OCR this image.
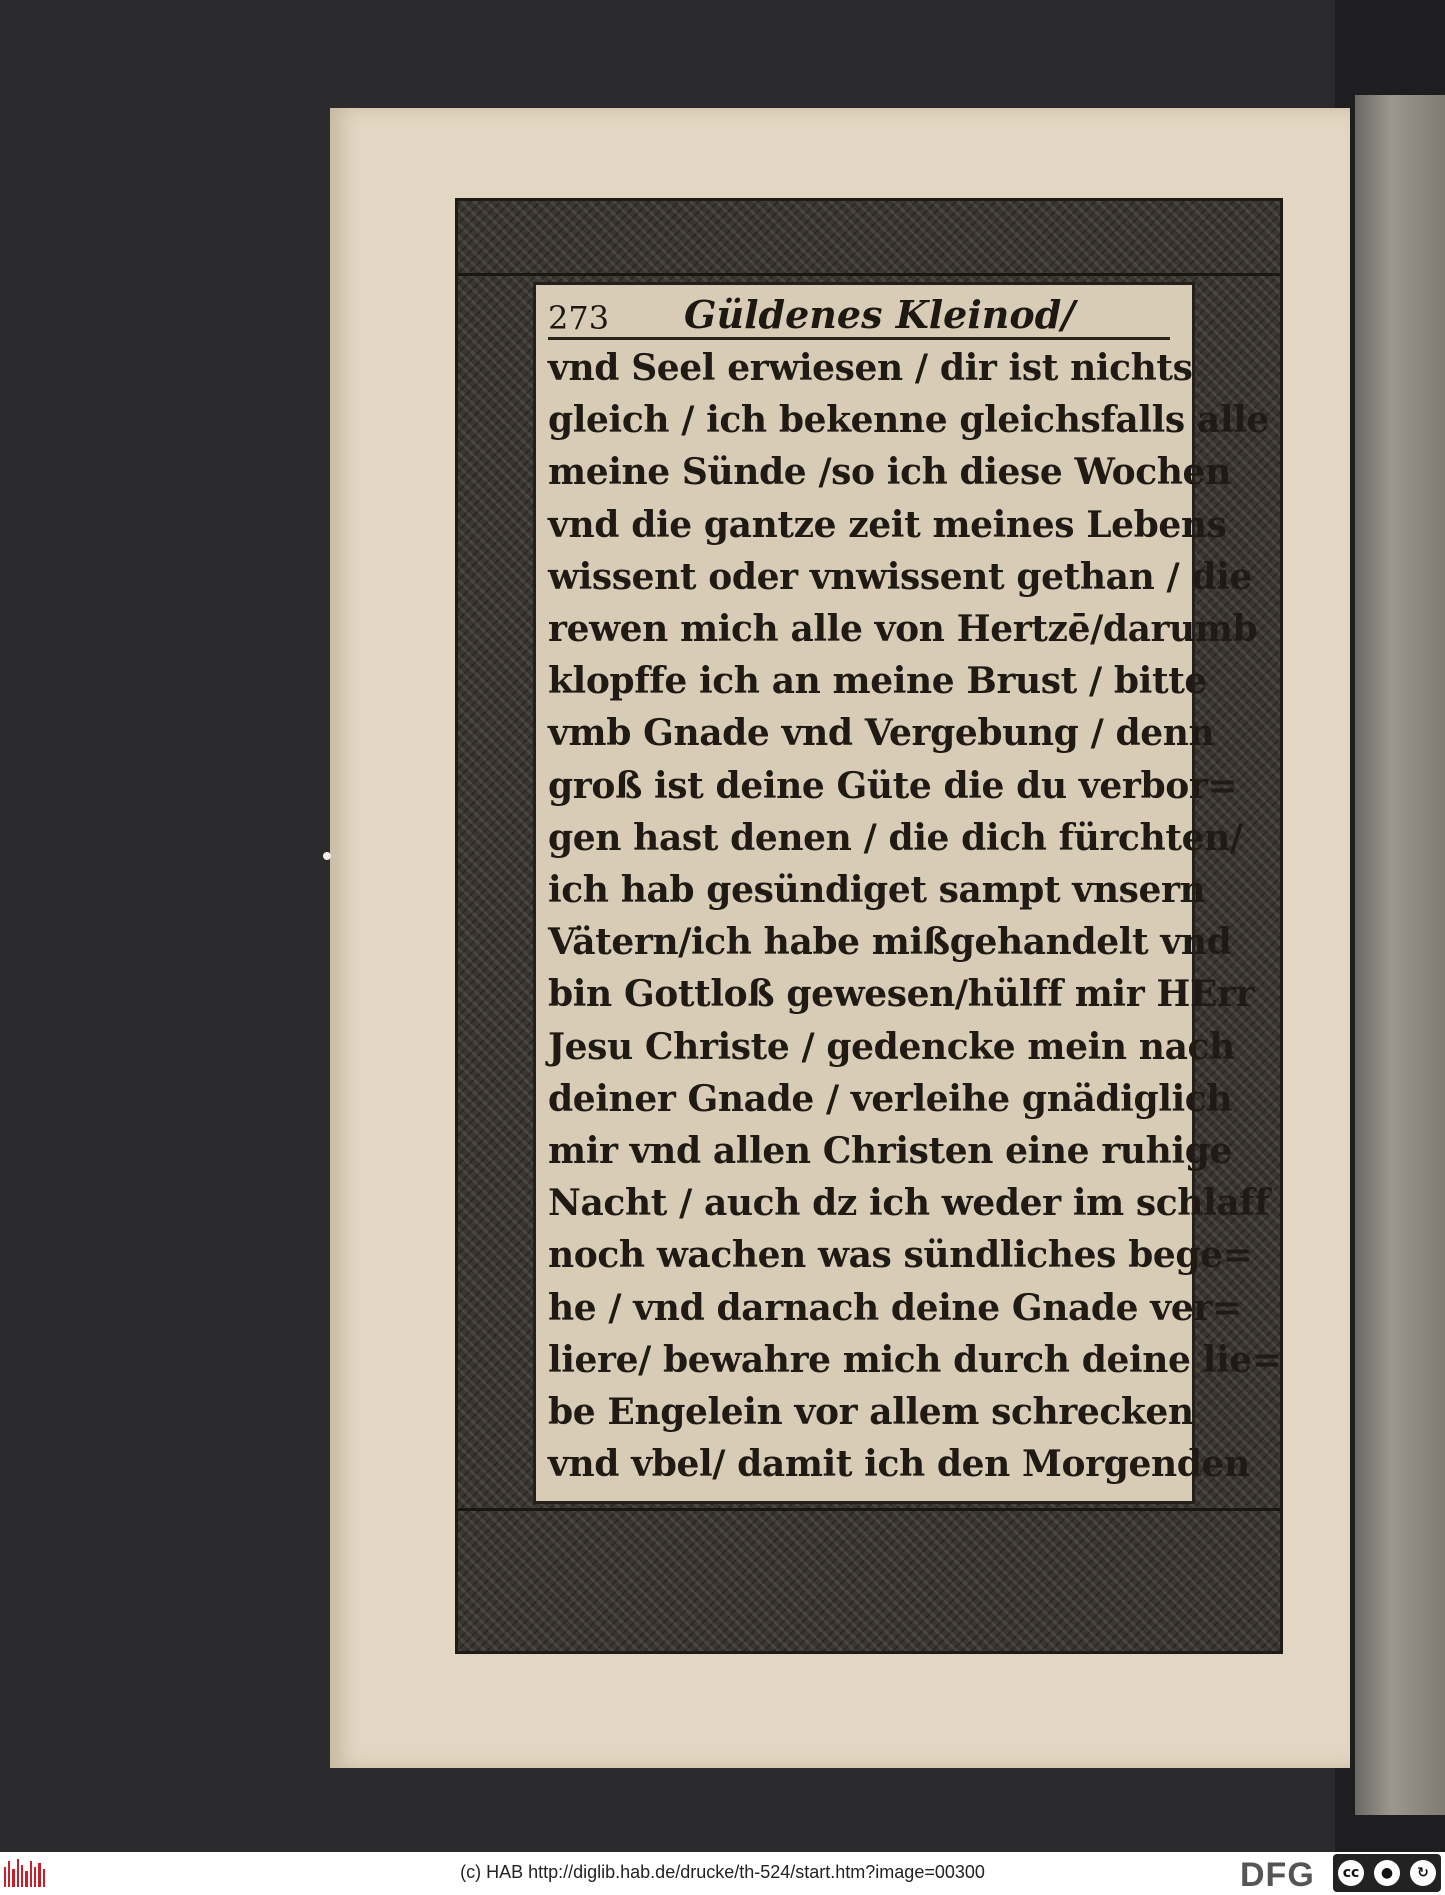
273	Güldenes Kleinod/
vnd Seel erwiesen / dir ist nichts
gleich / ich bekenne gleichsfalls alle
meine Sünde /so ich diese Wochen
vnd die gantze zeit meines Lebens
wissent oder vnwissent gethan / die
rewen mich alle von Hertzē/darumb
klopffe ich an meine Brust / bitte
vmb Gnade vnd Vergebung / denn
groß ist deine Güte die du verbor=
gen hast denen / die dich fürchten/
ich hab gesündiget sampt vnsern
Vätern/ich habe mißgehandelt vnd
bin Gottloß gewesen/hülff mir HErr
Jesu Christe / gedencke mein nach
deiner Gnade / verleihe gnädiglich
mir vnd allen Christen eine ruhige
Nacht / auch dz ich weder im schlaff
noch wachen was sündliches bege=
he / vnd darnach deine Gnade ver=
liere/ bewahre mich durch deine lie=
be Engelein vor allem schrecken
vnd vbel/ damit ich den Morgenden
(c) HAB http://diglib.hab.de/drucke/th-524/start.htm?image=00300	DFG	cc	●	↻
